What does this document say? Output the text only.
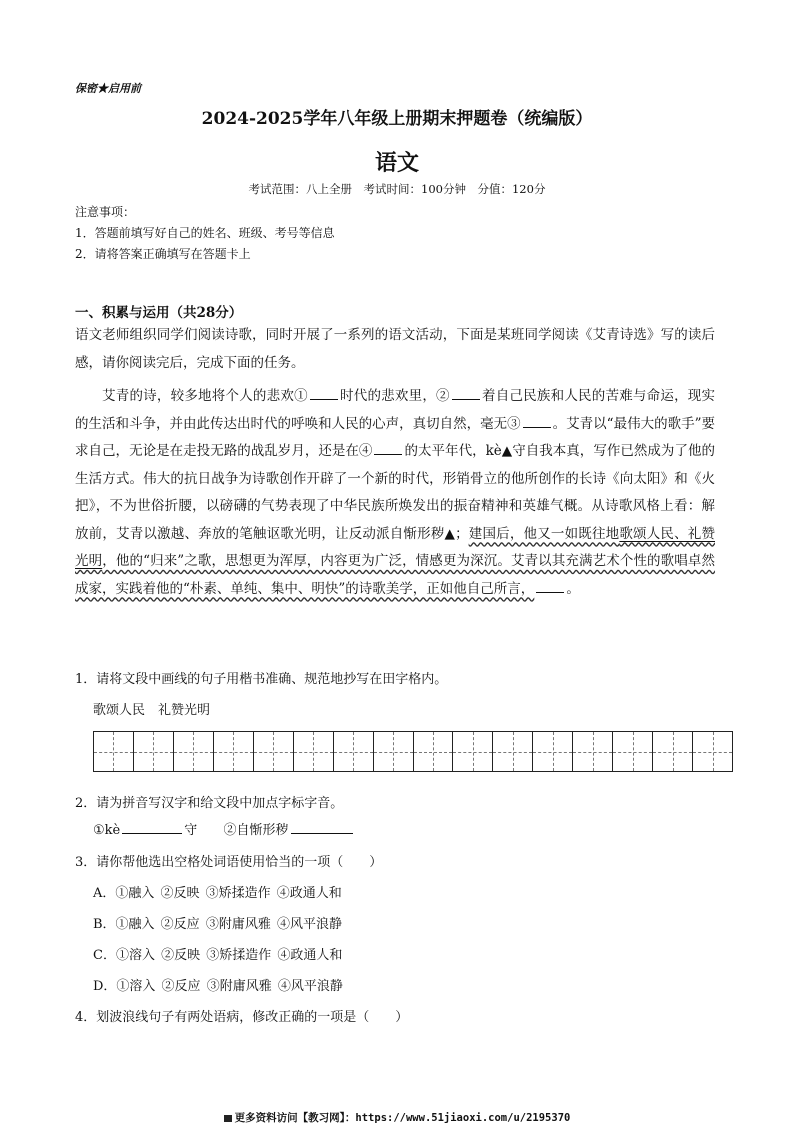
保密★启用前
2024-2025学年八年级上册期末押题卷（统编版）
语文
考试范围：八上全册　考试时间：100分钟　分值：120分
注意事项：
1．答题前填写好自己的姓名、班级、考号等信息
2．请将答案正确填写在答题卡上
一、积累与运用（共28分）
语文老师组织同学们阅读诗歌，同时开展了一系列的语文活动，下面是某班同学阅读《艾青诗选》写的读后感，请你阅读完后，完成下面的任务。
艾青的诗，较多地将个人的悲欢① 时代的悲欢里，② 着自己民族和人民的苦难与命运，现实的生活和斗争，并由此传达出时代的呼唤和人民的心声，真切自然，毫无③ 。艾青以“最伟大的歌手”要求自己，无论是在走投无路的战乱岁月，还是在④ 的太平年代，kè▲守自我本真，写作已然成为了他的生活方式。伟大的抗日战争为诗歌创作开辟了一个新的时代，形销骨立的他所创作的长诗《向太阳》和《火把》，不为世俗折腰，以磅礴的气势表现了中华民族所焕发出的振奋精神和英雄气概。从诗歌风格上看：解放前，艾青以激越、奔放的笔触讴歌光明，让反动派自惭形秽▲；建国后，他又一如既往地歌颂人民、礼赞光明，他的“归来”之歌，思想更为浑厚，内容更为广泛，情感更为深沉。艾青以其充满艺术个性的歌唱卓然成家，实践着他的“朴素、单纯、集中、明快”的诗歌美学，正如他自己所言， 。
1．请将文段中画线的句子用楷书准确、规范地抄写在田字格内。
歌颂人民　礼赞光明
2．请为拼音写汉字和给文段中加点字标字音。
①kè	守 ②自惭形秽
3．请你帮他选出空格处词语使用恰当的一项（　　）
A．①融入 ②反映 ③矫揉造作 ④政通人和
B．①融入 ②反应 ③附庸风雅 ④风平浪静
C．①溶入 ②反映 ③矫揉造作 ④政通人和
D．①溶入 ②反应 ③附庸风雅 ④风平浪静
4．划波浪线句子有两处语病，修改正确的一项是（　　）
更多资料访问【教习网】：https://www.51jiaoxi.com/u/2195370
